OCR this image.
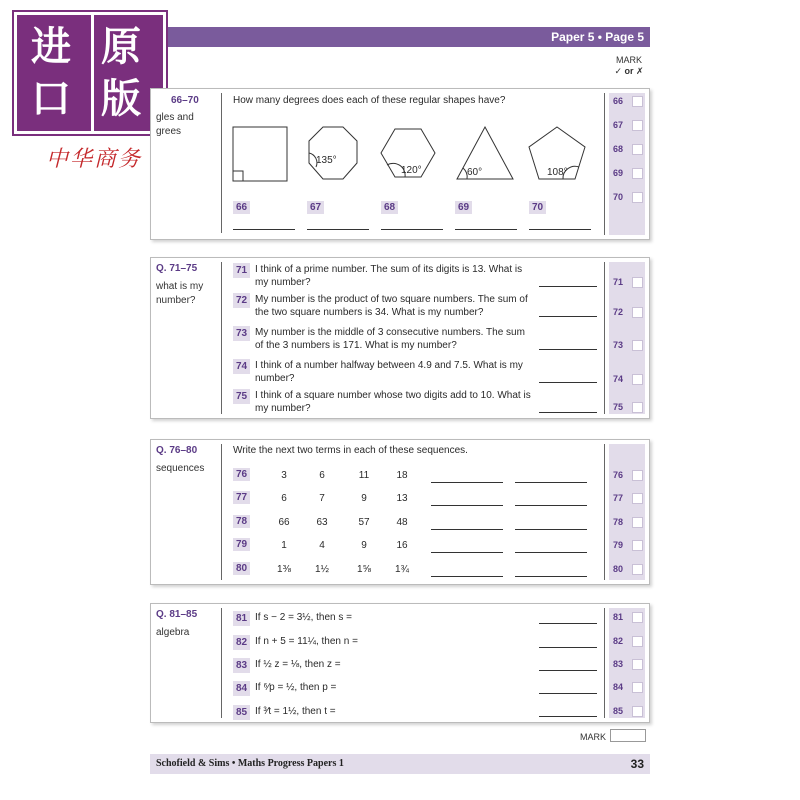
Paper 5 • Page 5
进 原
口 版
中华商务
MARK
✓ or ✗
66–70
gles and grees
How many degrees does each of these regular shapes have?
135°
120°	60°	108°
66	67	68	69	70
66
67
68
69
70
Q. 71–75
what is my number?
71 I think of a prime number. The sum of its digits is 13. What is my number?
72 My number is the product of two square numbers. The sum of the two square numbers is 34. What is my number?
73 My number is the middle of 3 consecutive numbers. The sum of the 3 numbers is 171. What is my number?
74 I think of a number halfway between 4.9 and 7.5. What is my number?
75 I think of a square number whose two digits add to 10. What is my number?
71
72
73
74
75
Q. 76–80
sequences
Write the next two terms in each of these sequences.
76	3	6	11	18
77	6	7	9	13
78	66	63	57	48
79	1	4	9	16
80	1⅜	1½	1⅝	1¾
76
77
78
79
80
Q. 81–85
algebra
81 If s − 2 = 3½, then s =
82 If n + 5 = 11¼, then n =
83 If ½ z = ⅛, then z =
84 If ⁶⁄p = ½, then p =
85 If ³⁄t = 1½, then t =
81
82
83
84
85
MARK
Schofield & Sims • Maths Progress Papers 1	33
